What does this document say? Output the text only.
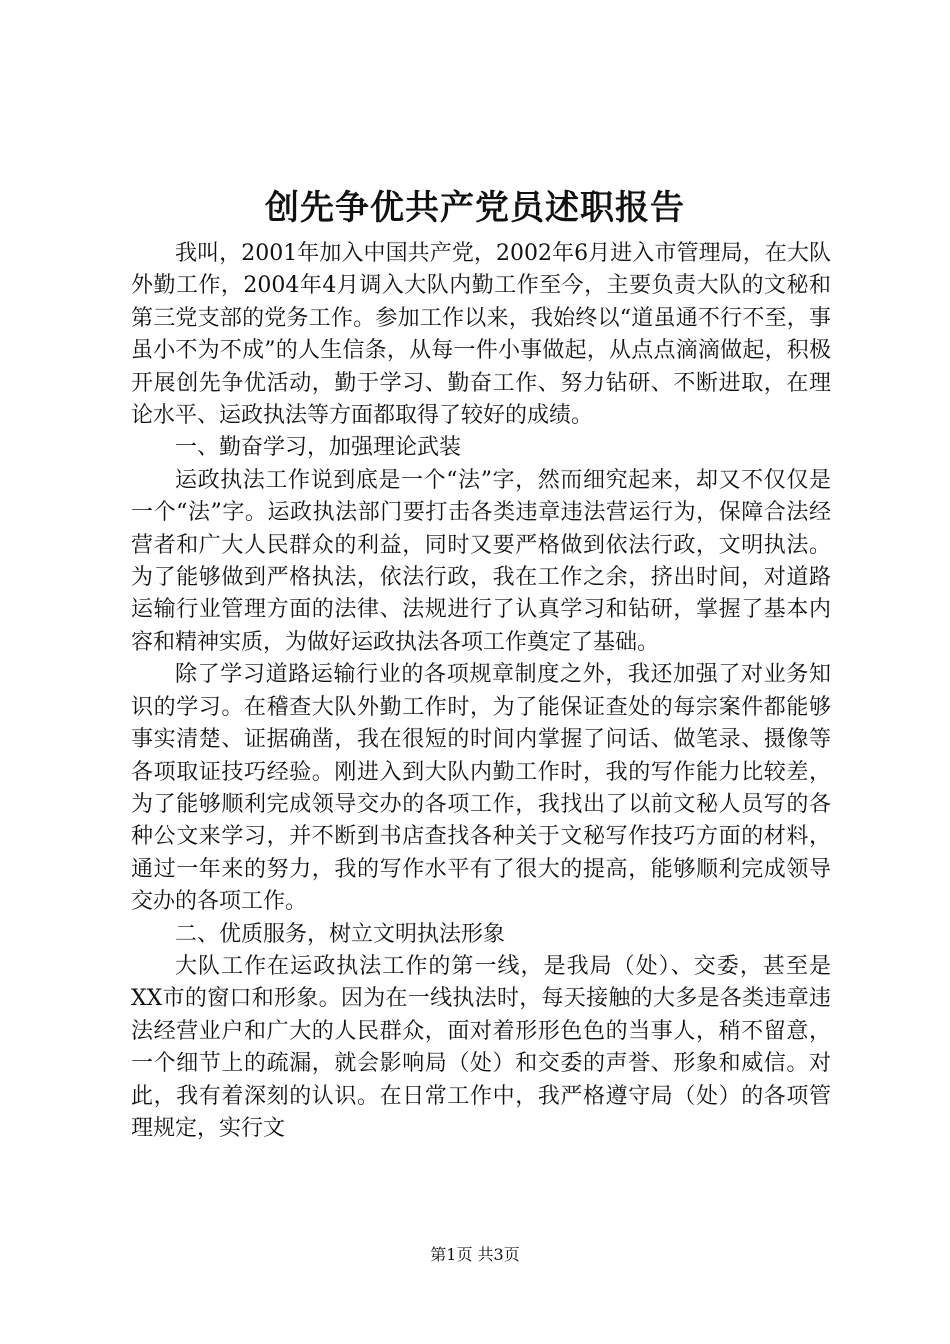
创先争优共产党员述职报告

我叫，2001年加入中国共产党，2002年6月进入市管理局，在大队外勤工作，2004年4月调入大队内勤工作至今，主要负责大队的文秘和第三党支部的党务工作。参加工作以来，我始终以“道虽通不行不至，事虽小不为不成”的人生信条，从每一件小事做起，从点点滴滴做起，积极开展创先争优活动，勤于学习、勤奋工作、努力钻研、不断进取，在理论水平、运政执法等方面都取得了较好的成绩。

一、勤奋学习，加强理论武装

运政执法工作说到底是一个“法”字，然而细究起来，却又不仅仅是一个“法”字。运政执法部门要打击各类违章违法营运行为，保障合法经营者和广大人民群众的利益，同时又要严格做到依法行政，文明执法。为了能够做到严格执法，依法行政，我在工作之余，挤出时间，对道路运输行业管理方面的法律、法规进行了认真学习和钻研，掌握了基本内容和精神实质，为做好运政执法各项工作奠定了基础。

除了学习道路运输行业的各项规章制度之外，我还加强了对业务知识的学习。在稽查大队外勤工作时，为了能保证查处的每宗案件都能够事实清楚、证据确凿，我在很短的时间内掌握了问话、做笔录、摄像等各项取证技巧经验。刚进入到大队内勤工作时，我的写作能力比较差，为了能够顺利完成领导交办的各项工作，我找出了以前文秘人员写的各种公文来学习，并不断到书店查找各种关于文秘写作技巧方面的材料，通过一年来的努力，我的写作水平有了很大的提高，能够顺利完成领导交办的各项工作。

二、优质服务，树立文明执法形象

大队工作在运政执法工作的第一线，是我局（处）、交委，甚至是XX市的窗口和形象。因为在一线执法时，每天接触的大多是各类违章违法经营业户和广大的人民群众，面对着形形色色的当事人，稍不留意，一个细节上的疏漏，就会影响局（处）和交委的声誉、形象和威信。对此，我有着深刻的认识。在日常工作中，我严格遵守局（处）的各项管理规定，实行文

第1页 共3页
